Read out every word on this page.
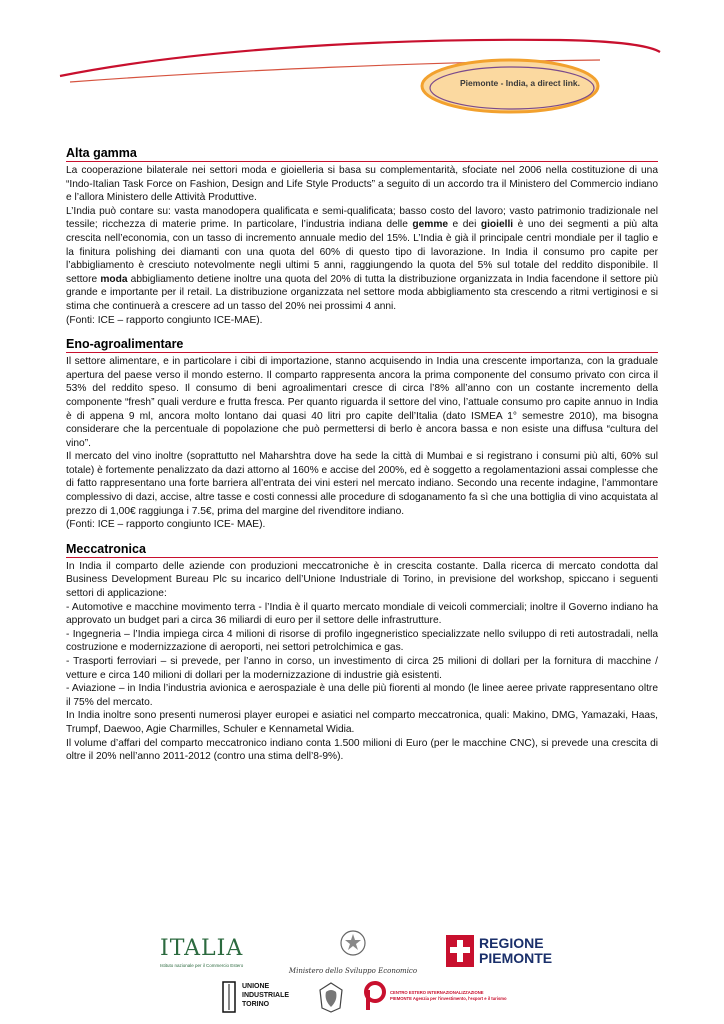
Piemonte - India, a direct link.
Alta gamma

La cooperazione bilaterale nei settori moda e gioielleria si basa su complementarità, sfociate nel 2006 nella costituzione di una “Indo-Italian Task Force on Fashion, Design and Life Style Products” a seguito di un accordo tra il Ministero del Commercio indiano e l’allora Ministero delle Attività Produttive.

L’India può contare su: vasta manodopera qualificata e semi-qualificata; basso costo del lavoro; vasto patrimonio tradizionale nel tessile; ricchezza di materie prime. In particolare, l’industria indiana delle gemme e dei gioielli è uno dei segmenti a più alta crescita nell’economia, con un tasso di incremento annuale medio del 15%. L’India è già il principale centri mondiale per il taglio e la finitura polishing dei diamanti con una quota del 60% di questo tipo di lavorazione. In India il consumo pro capite per l’abbigliamento è cresciuto notevolmente negli ultimi 5 anni, raggiungendo la quota del 5% sul totale del reddito disponibile. Il settore moda abbigliamento detiene inoltre una quota del 20% di tutta la distribuzione organizzata in India facendone il settore più grande e importante per il retail. La distribuzione organizzata nel settore moda abbigliamento sta crescendo a ritmi vertiginosi e si stima che continuerà a crescere ad un tasso del 20% nei prossimi 4 anni.

(Fonti: ICE – rapporto congiunto ICE-MAE).

Eno-agroalimentare

Il settore alimentare, e in particolare i cibi di importazione, stanno acquisendo in India una crescente importanza, con la graduale apertura del paese verso il mondo esterno. Il comparto rappresenta ancora la prima componente del consumo privato con circa il 53% del reddito speso. Il consumo di beni agroalimentari cresce di circa l’8% all’anno con un costante incremento della componente “fresh” quali verdure e frutta fresca. Per quanto riguarda il settore del vino, l’attuale consumo pro capite annuo in India è di appena 9 ml, ancora molto lontano dai quasi 40 litri pro capite dell’Italia (dato ISMEA 1° semestre 2010), ma bisogna considerare che la percentuale di popolazione che può permettersi di berlo è ancora bassa e non esiste una diffusa “cultura del vino”.

Il mercato del vino inoltre (soprattutto nel Maharshtra dove ha sede la città di Mumbai e si registrano i consumi più alti, 60% sul totale) è fortemente penalizzato da dazi attorno al 160% e accise del 200%, ed è soggetto a regolamentazioni assai complesse che di fatto rappresentano una forte barriera all’entrata dei vini esteri nel mercato indiano. Secondo una recente indagine, l’ammontare complessivo di dazi, accise, altre tasse e costi connessi alle procedure di sdoganamento fa sì che una bottiglia di vino acquistata al prezzo di 1,00€ raggiunga i 7.5€, prima del margine del rivenditore indiano.

(Fonti: ICE – rapporto congiunto ICE- MAE).

Meccatronica

In India il comparto delle aziende con produzioni meccatroniche è in crescita costante. Dalla ricerca di mercato condotta dal Business Development Bureau Plc su incarico dell’Unione Industriale di Torino, in previsione del workshop, spiccano i seguenti settori di applicazione:

- Automotive e macchine movimento terra - l’India è il quarto mercato mondiale di veicoli commerciali; inoltre il Governo indiano ha approvato un budget pari a circa 36 miliardi di euro per il settore delle infrastrutture.

- Ingegneria – l’India impiega circa 4 milioni di risorse di profilo ingegneristico specializzate nello sviluppo di reti autostradali, nella costruzione e modernizzazione di aeroporti, nei settori petrolchimica e gas.

- Trasporti ferroviari – si prevede, per l’anno in corso, un investimento di circa 25 milioni di dollari per la fornitura di macchine / vetture e circa 140 milioni di dollari per la modernizzazione di industrie già esistenti.

- Aviazione – in India l’industria avionica e aerospaziale è una delle più fiorenti al mondo (le linee aeree private rappresentano oltre il 75% del mercato.

In India inoltre sono presenti numerosi player europei e asiatici nel comparto meccatronica, quali: Makino, DMG, Yamazaki, Haas, Trumpf, Daewoo, Agie Charmilles, Schuler e Kennametal Widia.

Il volume d’affari del comparto meccatronico indiano conta 1.500 milioni di Euro (per le macchine CNC), si prevede una crescita di oltre il 20% nell’anno 2011-2012 (contro una stima dell’8-9%).

ITALIA
Istituto nazionale per il Commercio Estero
Ministero dello Sviluppo Economico
REGIONE
PIEMONTE
UNIONE
INDUSTRIALE
TORINO
CENTRO ESTERO INTERNAZIONALIZZAZIONE
PIEMONTE Agenzia per l'investimento, l'export e il turismo
